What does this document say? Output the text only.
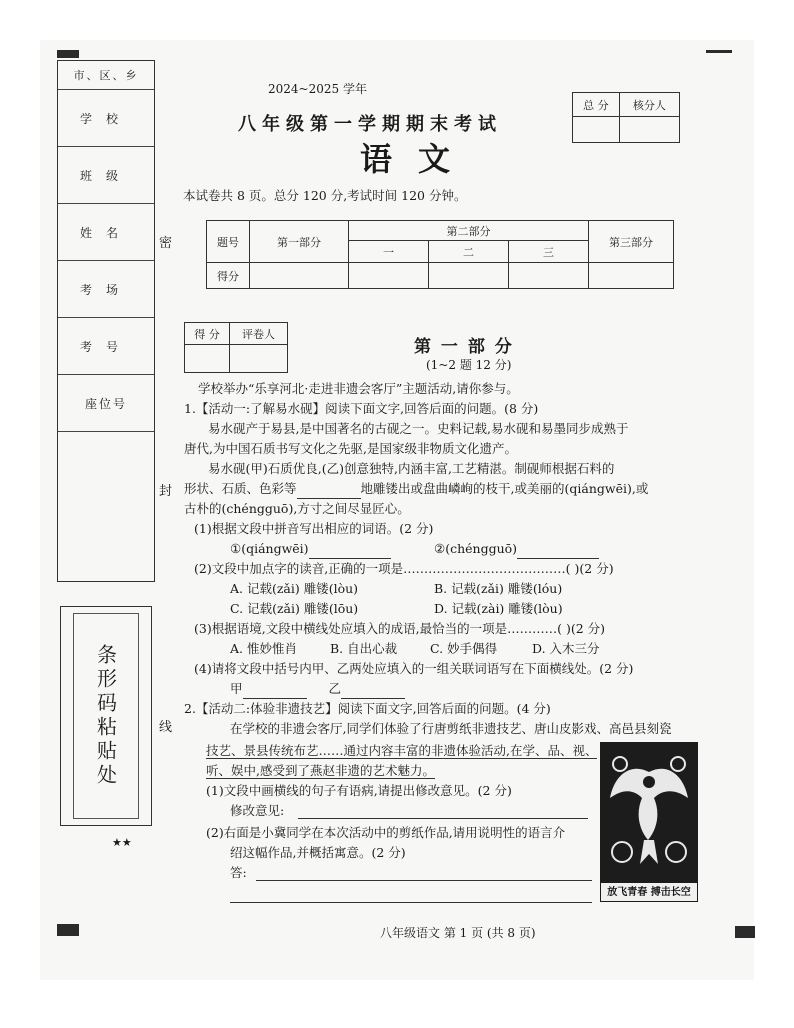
市、区、乡
学校
班级
姓名
考场
考号
座位号
条形码粘贴处
★★
密
封
线
2024~2025 学年
八年级第一学期期末考试
语文
总 分	核分人

本试卷共 8 页。总分 120 分,考试时间 120 分钟。
题号	第一部分	第二部分			第三部分
		一	二	三	
得分					
得 分	评卷人

第 一 部 分
(1~2 题 12 分)
学校举办“乐享河北·走进非遗会客厅”主题活动,请你参与。
1.【活动一:了解易水砚】阅读下面文字,回答后面的问题。(8 分)
易水砚产于易县,是中国著名的古砚之一。史料记载,易水砚和易墨同步成熟于
唐代,为中国石质书写文化之先驱,是国家级非物质文化遗产。
易水砚(甲)石质优良,(乙)创意独特,内涵丰富,工艺精湛。制砚师根据石料的
形状、石质、色彩等	地雕镂出或盘曲嶙峋的枝干,或美丽的(qiángwēi),或
古朴的(chéngguō),方寸之间尽显匠心。
(1)根据文段中拼音写出相应的词语。(2 分)
①(qiángwēi)	②(chéngguō)
(2)文段中加点字的读音,正确的一项是…………………………………( )(2 分)
A. 记载(zǎi) 雕镂(lòu)	B. 记载(zǎi) 雕镂(lóu)
C. 记载(zǎi) 雕镂(lōu)	D. 记载(zài) 雕镂(lòu)
(3)根据语境,文段中横线处应填入的成语,最恰当的一项是…………( )(2 分)
A. 惟妙惟肖	B. 自出心裁	C. 妙手偶得	D. 入木三分
(4)请将文段中括号内甲、乙两处应填入的一组关联词语写在下面横线处。(2 分)
甲	乙
2.【活动二:体验非遗技艺】阅读下面文字,回答后面的问题。(4 分)
在学校的非遗会客厅,同学们体验了行唐剪纸非遗技艺、唐山皮影戏、高邑县刻瓷
技艺、景县传统布艺……通过内容丰富的非遗体验活动,在学、品、视、
听、娱中,感受到了燕赵非遗的艺术魅力。
(1)文段中画横线的句子有语病,请提出修改意见。(2 分)
修改意见:
(2)右面是小冀同学在本次活动中的剪纸作品,请用说明性的语言介
绍这幅作品,并概括寓意。(2 分)
答:
放飞青春 搏击长空
八年级语文 第 1 页 (共 8 页)
